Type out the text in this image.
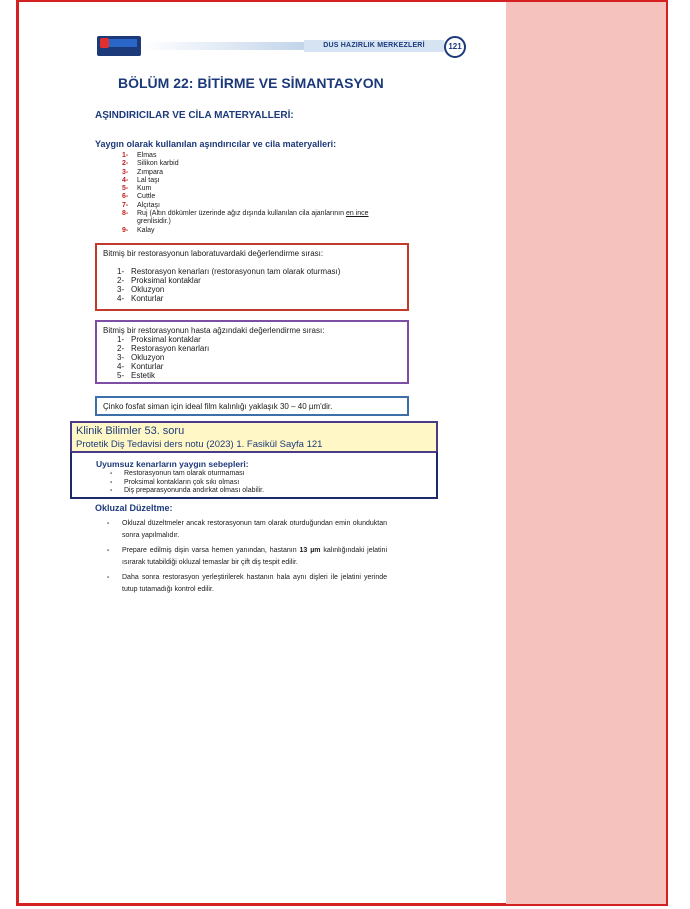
DUS HAZIRLIK MERKEZLERİ	121
BÖLÜM 22: BİTİRME VE SİMANTASYON
AŞINDIRICILAR VE CİLA MATERYALLERİ:
Yaygın olarak kullanılan aşındırıcılar ve cila materyalleri:
1-	Elmas
2-	Silikon karbid
3-	Zımpara
4-	Lal taşı
5-	Kum
6-	Cuttle
7-	Alçıtaşı
8-	Ruj (Altın dökümler üzerinde ağız dışında kullanılan cila ajanlarının en ince
grenlisidir.)
9-	Kalay
Bitmiş bir restorasyonun laboratuvardaki değerlendirme sırası:
1- Restorasyon kenarları (restorasyonun tam olarak oturması)
2- Proksimal kontaklar
3- Okluzyon
4- Konturlar
Bitmiş bir restorasyonun hasta ağzındaki değerlendirme sırası:
1- Proksimal kontaklar
2- Restorasyon kenarları
3- Okluzyon
4- Konturlar
5- Estetik
Çinko fosfat siman için ideal film kalınlığı yaklaşık 30 – 40 µm'dir.
Klinik Bilimler 53. soru
Protetik Diş Tedavisi ders notu (2023) 1. Fasikül Sayfa 121
Uyumsuz kenarların yaygın sebepleri:
- Restorasyonun tam olarak oturmaması
- Proksimal kontakların çok sıkı olması
- Diş preparasyonunda andırkat olması olabilir.
Okluzal Düzeltme:
-	Okluzal düzeltmeler ancak restorasyonun tam olarak oturduğundan emin olunduktan sonra yapılmalıdır.
-	Prepare edilmiş dişin varsa hemen yanından, hastanın 13 µm kalınlığındaki jelatini ısırarak tutabildiği okluzal temaslar bir çift diş tespit edilir.
-	Daha sonra restorasyon yerleştirilerek hastanın hala aynı dişleri ile jelatini yerinde tutup tutamadığı kontrol edilir.
